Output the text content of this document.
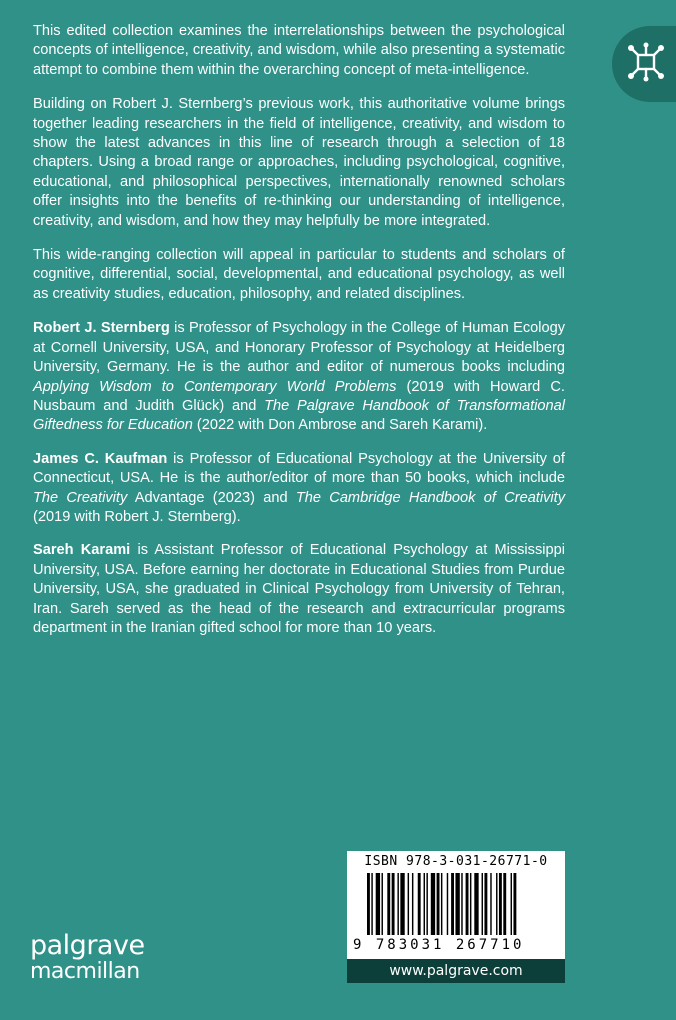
This edited collection examines the interrelationships between the psychological concepts of intelligence, creativity, and wisdom, while also presenting a systematic attempt to combine them within the overarching concept of meta-intelligence.

Building on Robert J. Sternberg’s previous work, this authoritative volume brings together leading researchers in the field of intelligence, creativity, and wisdom to show the latest advances in this line of research through a selection of 18 chapters. Using a broad range or approaches, including psychological, cognitive, educational, and philosophical perspectives, internationally renowned scholars offer insights into the benefits of re-thinking our understanding of intelligence, creativity, and wisdom, and how they may helpfully be more integrated.

This wide-ranging collection will appeal in particular to students and scholars of cognitive, differential, social, developmental, and educational psychology, as well as creativity studies, education, philosophy, and related disciplines.

Robert J. Sternberg is Professor of Psychology in the College of Human Ecology at Cornell University, USA, and Honorary Professor of Psychology at Heidelberg University, Germany. He is the author and editor of numerous books including Applying Wisdom to Contemporary World Problems (2019 with Howard C. Nusbaum and Judith Glück) and The Palgrave Handbook of Transformational Giftedness for Education (2022 with Don Ambrose and Sareh Karami).

James C. Kaufman is Professor of Educational Psychology at the University of Connecticut, USA. He is the author/editor of more than 50 books, which include The Creativity Advantage (2023) and The Cambridge Handbook of Creativity (2019 with Robert J. Sternberg).

Sareh Karami is Assistant Professor of Educational Psychology at Mississippi University, USA. Before earning her doctorate in Educational Studies from Purdue University, USA, she graduated in Clinical Psychology from University of Tehran, Iran. Sareh served as the head of the research and extracurricular programs department in the Iranian gifted school for more than 10 years.

palgrave
macmillan
ISBN 978-3-031-26771-0
9 783031 267710
www.palgrave.com
